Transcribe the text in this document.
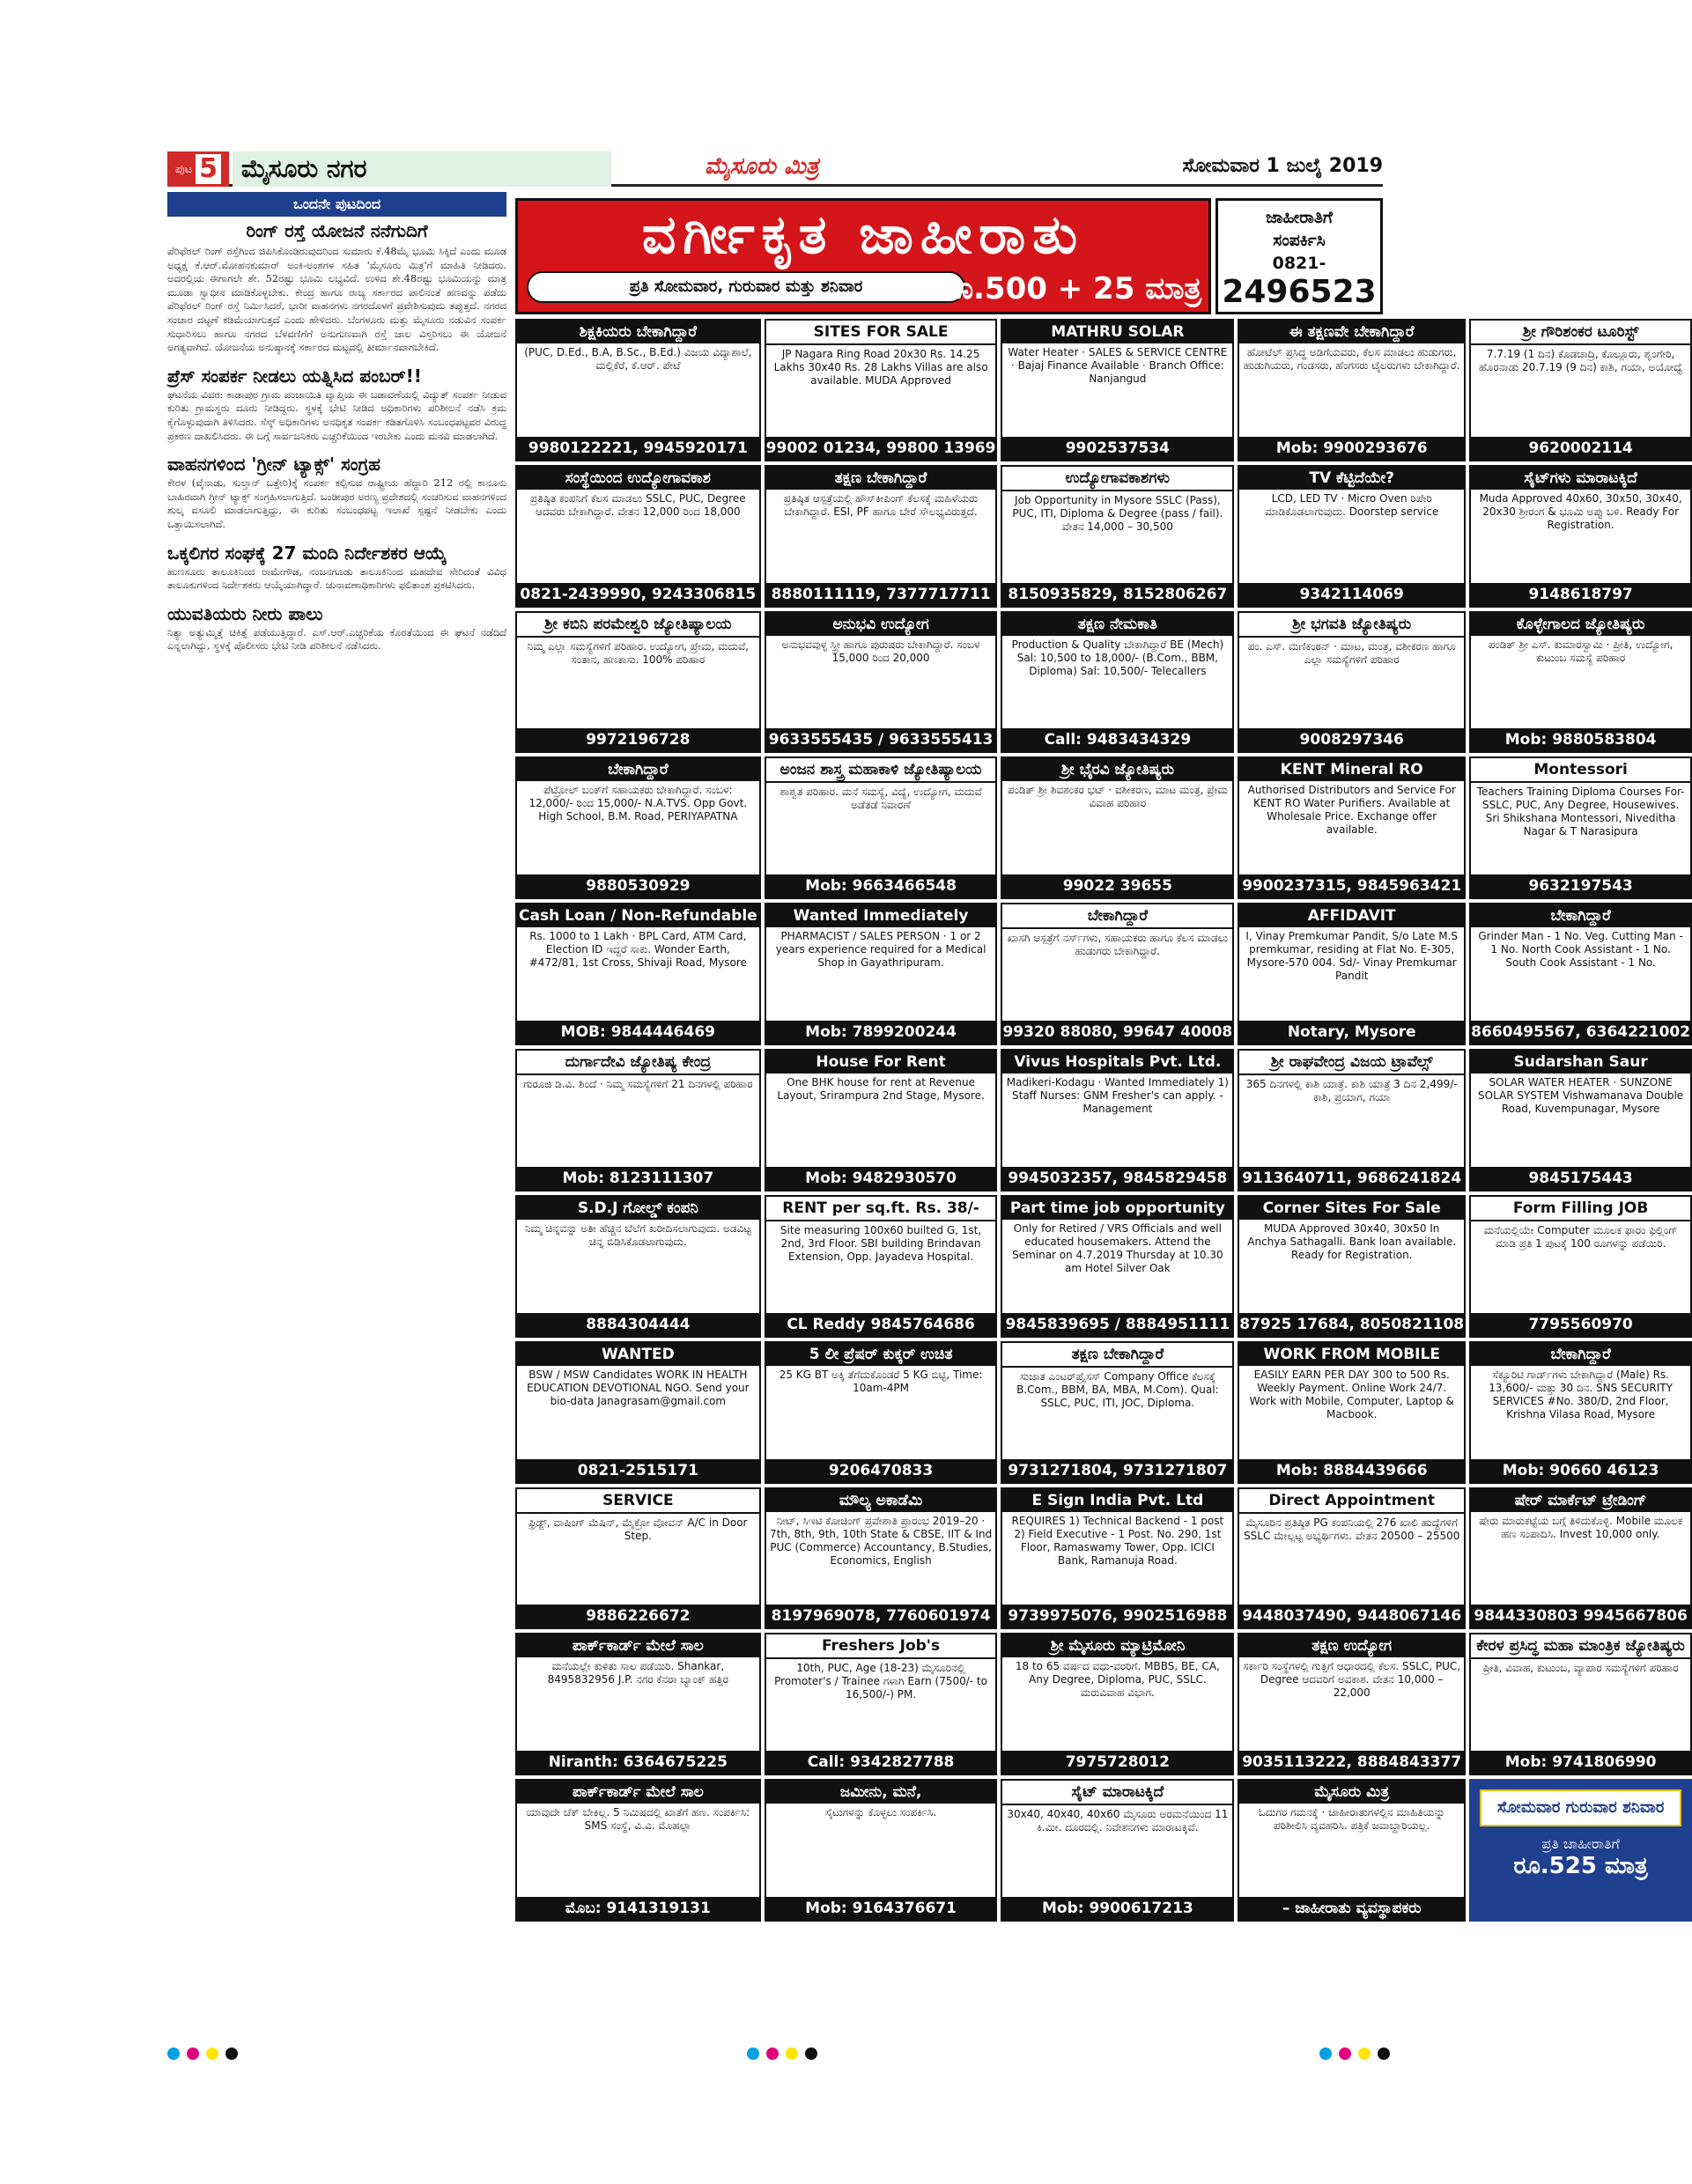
ಪುಟ 5 ಮೈಸೂರು ನಗರ	ಮೈಸೂರು ಮಿತ್ರ	ಸೋಮವಾರ 1 ಜುಲೈ 2019
ಒಂದನೇ ಪುಟದಿಂದ
ರಿಂಗ್ ರಸ್ತೆ ಯೋಜನೆ ನನೆಗುದಿಗೆ
ಪೆರಿಫೆರಲ್ ರಿಂಗ್ ರಸ್ತೆಗಿಂದ ಜಿಪಿಸಿಕೊಂಡಿರುವುದರಿಂದ ಸುಮಾರು ಕೆ.48ಮೈ ಭೂಮಿ ಸಿಕ್ಕಿದೆ ಎಂದು ಮೂಡ ಅಧ್ಯಕ್ಷ ಕೆ.ಆರ್.ಮೋಹನಕುಮಾರ್ ಅಂಕಿ-ಅಂಶಗಳ ಸಹಿತ 'ಮೈಸೂರು ಮಿತ್ರ'ಗೆ ಮಾಹಿತಿ ನೀಡಿದರು. ಅದರಲ್ಲಿಯ ಈಗಾಗಲೇ ಶೇ. 52ರಷ್ಟು ಭೂಮಿ ಲಭ್ಯವಿದೆ. ಉಳಿದ ಶೇ.48ರಷ್ಟು ಭೂಮಿಯನ್ನು ಮಾತ್ರ ಮೂಡಾ ಸ್ವಾಧೀನ ಮಾಡಿಕೊಳ್ಳಬೇಕು. ಕೇಂದ್ರ ಹಾಗೂ ರಾಜ್ಯ ಸರ್ಕಾರದ ಪಾಲಿನಂತೆ ಹಣವನ್ನು ಪಡೆದು ಪೆರಿಫೆರಲ್ ರಿಂಗ್ ರಸ್ತೆ ನಿರ್ಮಿಸಿದರೆ, ಭಾರೀ ವಾಹನಗಳು ನಗರದೊಳಗೆ ಪ್ರವೇಶಿಸುವುದು ತಪ್ಪುತ್ತದೆ. ನಗರದ ಸಂಚಾರ ದಟ್ಟಣೆ ಕಡಿಮೆಯಾಗುತ್ತದೆ ಎಂದು ಹೇಳಿದರು. ಬೆಂಗಳೂರು ಮತ್ತು ಮೈಸೂರು ನಡುವಿನ ಸಂಪರ್ಕ ಸುಧಾರಿಸಲು ಹಾಗೂ ನಗರದ ಬೆಳವಣಿಗೆಗೆ ಅನುಗುಣವಾಗಿ ರಸ್ತೆ ಜಾಲ ವಿಸ್ತರಿಸಲು ಈ ಯೋಜನೆ ಅಗತ್ಯವಾಗಿದೆ. ಯೋಜನೆಯ ಅನುಷ್ಠಾನಕ್ಕೆ ಸರ್ಕಾರದ ಮಟ್ಟದಲ್ಲಿ ತೀರ್ಮಾನವಾಗಬೇಕಿದೆ.
ಪ್ರೆಸ್ ಸಂಪರ್ಕ ನೀಡಲು ಯತ್ನಿಸಿದ ಪಂಬರ್!!
ಘಟನೆಯ ವಿವರ: ಕಾಡಾಪುರ ಗ್ರಾಮ ಪಂಚಾಯಿತಿ ವ್ಯಾಪ್ತಿಯ ಈ ಬಡಾವಣೆಯಲ್ಲಿ ವಿದ್ಯುತ್ ಸಂಪರ್ಕ ನೀಡುವ ಕುರಿತು ಗ್ರಾಮಸ್ಥರು ದೂರು ನೀಡಿದ್ದರು. ಸ್ಥಳಕ್ಕೆ ಭೇಟಿ ನೀಡಿದ ಅಧಿಕಾರಿಗಳು ಪರಿಶೀಲನೆ ನಡೆಸಿ ಕ್ರಮ ಕೈಗೊಳ್ಳುವುದಾಗಿ ತಿಳಿಸಿದರು. ಸೆಸ್ಕ್ ಅಧಿಕಾರಿಗಳು ಅನಧಿಕೃತ ಸಂಪರ್ಕ ಕಡಿತಗೊಳಿಸಿ ಸಂಬಂಧಪಟ್ಟವರ ವಿರುದ್ಧ ಪ್ರಕರಣ ದಾಖಲಿಸಿದರು. ಈ ಬಗ್ಗೆ ಸಾರ್ವಜನಿಕರು ಎಚ್ಚರಿಕೆಯಿಂದ ಇರಬೇಕು ಎಂದು ಮನವಿ ಮಾಡಲಾಗಿದೆ.
ವಾಹನಗಳಿಂದ 'ಗ್ರೀನ್ ಟ್ಯಾಕ್ಸ್' ಸಂಗ್ರಹ
ಕೇರಳ (ವೈನಾಡು, ಸುಲ್ತಾನ್ ಬತ್ತೇರಿ)ಕ್ಕೆ ಸಂಪರ್ಕ ಕಲ್ಪಿಸುವ ರಾಷ್ಟ್ರೀಯ ಹೆದ್ದಾರಿ 212 ರಲ್ಲಿ ಕಾನೂನು ಬಾಹಿರವಾಗಿ ಗ್ರೀನ್ ಟ್ಯಾಕ್ಸ್ ಸಂಗ್ರಹಿಸಲಾಗುತ್ತಿದೆ. ಬಂಡೀಪುರ ಅರಣ್ಯ ಪ್ರದೇಶದಲ್ಲಿ ಸಂಚರಿಸುವ ವಾಹನಗಳಿಂದ ಶುಲ್ಕ ವಸೂಲಿ ಮಾಡಲಾಗುತ್ತಿದ್ದು, ಈ ಕುರಿತು ಸಂಬಂಧಪಟ್ಟ ಇಲಾಖೆ ಸ್ಪಷ್ಟನೆ ನೀಡಬೇಕು ಎಂದು ಒತ್ತಾಯಿಸಲಾಗಿದೆ.
ಒಕ್ಕಲಿಗರ ಸಂಘಕ್ಕೆ 27 ಮಂದಿ ನಿರ್ದೇಶಕರ ಆಯ್ಕೆ
ಹುಣಸೂರು ತಾಲೂಕಿನಿಂದ ರಾಮೇಗೌಡ, ನಂಜನಗೂಡು ತಾಲೂಕಿನಿಂದ ಮಹದೇವ ಸೇರಿದಂತೆ ವಿವಿಧ ತಾಲೂಕುಗಳಿಂದ ನಿರ್ದೇಶಕರು ಆಯ್ಕೆಯಾಗಿದ್ದಾರೆ. ಚುನಾವಣಾಧಿಕಾರಿಗಳು ಫಲಿತಾಂಶ ಪ್ರಕಟಿಸಿದರು.
ಯುವತಿಯರು ನೀರು ಪಾಲು
ನಿತ್ಯಾ ಅತ್ಯುಮ್ಮಿತ್ತೆ ಚಿಕಿತ್ಸೆ ಪಡೆಯುತ್ತಿದ್ದಾರೆ. ಎಸ್.ಆರ್.ಎಚ್ಚರಿಕೆಯ ಕೊರತೆಯಿಂದ ಈ ಘಟನೆ ನಡೆದಿದೆ ಎನ್ನಲಾಗಿದ್ದು, ಸ್ಥಳಕ್ಕೆ ಪೊಲೀಸರು ಭೇಟಿ ನೀಡಿ ಪರಿಶೀಲನೆ ನಡೆಸಿದರು.
ವರ್ಗೀಕೃತ ಜಾಹೀರಾತು
ಪ್ರತಿ ಸೋಮವಾರ, ಗುರುವಾರ ಮತ್ತು ಶನಿವಾರ	ರೂ.500 + 25 ಮಾತ್ರ
ಜಾಹೀರಾತಿಗೆ
ಸಂಪರ್ಕಿಸಿ
0821-
2496523
ಶಿಕ್ಷಕಿಯರು ಬೇಕಾಗಿದ್ದಾರೆ
(PUC, D.Ed., B.A, B.Sc., B.Ed.) ವಿಜಯ ವಿದ್ಯಾಶಾಲೆ, ಮಲ್ಲಿಕೆರೆ, ಕೆ.ಆರ್. ಪೇಟೆ
9980122221, 9945920171
SITES FOR SALE
JP Nagara Ring Road 20x30 Rs. 14.25 Lakhs 30x40 Rs. 28 Lakhs Villas are also available. MUDA Approved
99002 01234, 99800 13969
MATHRU SOLAR
Water Heater · SALES & SERVICE CENTRE · Bajaj Finance Available · Branch Office: Nanjangud
9902537534
ಈ ತಕ್ಷಣವೇ ಬೇಕಾಗಿದ್ದಾರೆ
ಹೋಟೆಲ್ ಪ್ರಸಿದ್ಧ ಅಡಿಗೆಯವರು, ಕೆಲಸ ಮಾಡಲು ಹುಡುಗರು, ಹುಡುಗಿಯರು, ಗಂಡಸರು, ಹೆಂಗಸರು ಟೈಲರುಗಳು ಬೇಕಾಗಿದ್ದಾರೆ.
Mob: 9900293676
ಶ್ರೀ ಗೌರಿಶಂಕರ ಟೂರಿಸ್ಟ್
7.7.19 (1 ದಿನ) ಕೊಡಚಾದ್ರಿ, ಕೊಲ್ಲೂರು, ಶೃಂಗೇರಿ, ಹೊರನಾಡು 20.7.19 (9 ದಿನ) ಕಾಶಿ, ಗಯಾ, ಅಯೋಧ್ಯೆ
9620002114
ಸಂಸ್ಥೆಯಿಂದ ಉದ್ಯೋಗಾವಕಾಶ
ಪ್ರತಿಷ್ಠಿತ ಕಂಪನಿಗೆ ಕೆಲಸ ಮಾಡಲು SSLC, PUC, Degree ಆದವರು ಬೇಕಾಗಿದ್ದಾರೆ. ವೇತನ 12,000 ರಿಂದ 18,000
0821-2439990, 9243306815
ತಕ್ಷಣ ಬೇಕಾಗಿದ್ದಾರೆ
ಪ್ರತಿಷ್ಠಿತ ಆಸ್ಪತ್ರೆಯಲ್ಲಿ ಹೌಸ್‌ಕೀಪಿಂಗ್ ಕೆಲಸಕ್ಕೆ ಮಹಿಳೆಯರು ಬೇಕಾಗಿದ್ದಾರೆ. ESI, PF ಹಾಗೂ ಬೇರೆ ಸೌಲಭ್ಯವಿರುತ್ತದೆ.
8880111119, 7377717711
ಉದ್ಯೋಗಾವಕಾಶಗಳು
Job Opportunity in Mysore SSLC (Pass), PUC, ITI, Diploma & Degree (pass / fail). ವೇತನ 14,000 – 30,500
8150935829, 8152806267
TV ಕೆಟ್ಟಿದೆಯೇ?
LCD, LED TV · Micro Oven ರಿಪೇರಿ ಮಾಡಿಕೊಡಲಾಗುವುದು. Doorstep service
9342114069
ಸೈಟ್‌ಗಳು ಮಾರಾಟಕ್ಕಿದೆ
Muda Approved 40x60, 30x50, 30x40, 20x30 ಶ್ರೀರಂಗ & ಭೂಮಿ ಅಪ್ಪು ಬಳಿ. Ready For Registration.
9148618797
ಶ್ರೀ ಕಬಿನಿ ಪರಮೇಶ್ವರಿ ಜ್ಯೋತಿಷ್ಯಾಲಯ
ನಿಮ್ಮ ಎಲ್ಲಾ ಸಮಸ್ಯೆಗಳಿಗೆ ಪರಿಹಾರ. ಉದ್ಯೋಗ, ಪ್ರೇಮ, ಮದುವೆ, ಸಂತಾನ, ಹಣಕಾಸು. 100% ಪರಿಹಾರ
9972196728
ಅನುಭವಿ ಉದ್ಯೋಗ
ಅನುಭವವುಳ್ಳ ಸ್ತ್ರೀ ಹಾಗೂ ಪುರುಷರು ಬೇಕಾಗಿದ್ದಾರೆ. ಸಂಬಳ 15,000 ರಿಂದ 20,000
9633555435 / 9633555413
ತಕ್ಷಣ ನೇಮಕಾತಿ
Production & Quality ಬೇಕಾಗಿದ್ದಾರೆ BE (Mech) Sal: 10,500 to 18,000/- (B.Com., BBM, Diploma) Sal: 10,500/- Telecallers
Call: 9483434329
ಶ್ರೀ ಭಗವತಿ ಜ್ಯೋತಿಷ್ಯರು
ಪಂ. ಎಸ್. ಮಣಿಕಂಠನ್ · ಮಾಟ, ಮಂತ್ರ, ವಶೀಕರಣ ಹಾಗೂ ಎಲ್ಲಾ ಸಮಸ್ಯೆಗಳಿಗೆ ಪರಿಹಾರ
9008297346
ಕೊಳ್ಳೇಗಾಲದ ಜ್ಯೋತಿಷ್ಯರು
ಪಂಡಿತ್ ಶ್ರೀ ಎಸ್. ಕುಮಾರಸ್ವಾಮಿ · ಪ್ರೀತಿ, ಉದ್ಯೋಗ, ಕುಟುಂಬ ಸಮಸ್ಯೆ ಪರಿಹಾರ
Mob: 9880583804
ಬೇಕಾಗಿದ್ದಾರೆ
ಪೆಟ್ರೋಲ್ ಬಂಕ್‌ಗೆ ಸಹಾಯಕರು ಬೇಕಾಗಿದ್ದಾರೆ. ಸಂಬಳ: 12,000/- ರಿಂದ 15,000/- N.A.TVS. Opp Govt. High School, B.M. Road, PERIYAPATNA
9880530929
ಅಂಜನ ಶಾಸ್ತ್ರ ಮಹಾಕಾಳಿ ಜ್ಯೋತಿಷ್ಯಾಲಯ
ಶಾಶ್ವತ ಪರಿಹಾರ. ಮನೆ ಸಮಸ್ಯೆ, ವಿದ್ಯೆ, ಉದ್ಯೋಗ, ಮದುವೆ ಅಡೆತಡೆ ನಿವಾರಣೆ
Mob: 9663466548
ಶ್ರೀ ಭೈರವಿ ಜ್ಯೋತಿಷ್ಯರು
ಪಂಡಿತ್ ಶ್ರೀ ಶಿವಶಂಕರ ಭಟ್ · ವಶೀಕರಣ, ಮಾಟ ಮಂತ್ರ, ಪ್ರೇಮ ವಿವಾಹ ಪರಿಹಾರ
99022 39655
KENT Mineral RO
Authorised Distributors and Service For KENT RO Water Purifiers. Available at Wholesale Price. Exchange offer available.
9900237315, 9845963421
Montessori
Teachers Training Diploma Courses For-SSLC, PUC, Any Degree, Housewives. Sri Shikshana Montessori, Niveditha Nagar & T Narasipura
9632197543
Cash Loan / Non-Refundable
Rs. 1000 to 1 Lakh · BPL Card, ATM Card, Election ID ಇದ್ದರೆ ಸಾಕು. Wonder Earth, #472/81, 1st Cross, Shivaji Road, Mysore
MOB: 9844446469
Wanted Immediately
PHARMACIST / SALES PERSON · 1 or 2 years experience required for a Medical Shop in Gayathripuram.
Mob: 7899200244
ಬೇಕಾಗಿದ್ದಾರೆ
ಖಾಸಗಿ ಆಸ್ಪತ್ರೆಗೆ ನರ್ಸ್‌ಗಳು, ಸಹಾಯಕರು ಹಾಗೂ ಕೆಲಸ ಮಾಡಲು ಹುಡುಗರು ಬೇಕಾಗಿದ್ದಾರೆ.
99320 88080, 99647 40008
AFFIDAVIT
I, Vinay Premkumar Pandit, S/o Late M.S premkumar, residing at Flat No. E-305, Mysore-570 004. Sd/- Vinay Premkumar Pandit
Notary, Mysore
ಬೇಕಾಗಿದ್ದಾರೆ
Grinder Man - 1 No. Veg. Cutting Man - 1 No. North Cook Assistant - 1 No. South Cook Assistant - 1 No.
8660495567, 6364221002
ದುರ್ಗಾದೇವಿ ಜ್ಯೋತಿಷ್ಯ ಕೇಂದ್ರ
ಗುರೂಜಿ ಡಿ.ವಿ. ಶಿಂದೆ · ನಿಮ್ಮ ಸಮಸ್ಯೆಗಳಿಗೆ 21 ದಿನಗಳಲ್ಲಿ ಪರಿಹಾರ
Mob: 8123111307
House For Rent
One BHK house for rent at Revenue Layout, Srirampura 2nd Stage, Mysore.
Mob: 9482930570
Vivus Hospitals Pvt. Ltd.
Madikeri-Kodagu · Wanted Immediately 1) Staff Nurses: GNM Fresher's can apply. -Management
9945032357, 9845829458
ಶ್ರೀ ರಾಘವೇಂದ್ರ ವಿಜಯ ಟ್ರಾವೆಲ್ಸ್
365 ದಿನಗಳಲ್ಲಿ ಕಾಶಿ ಯಾತ್ರೆ. ಕಾಶಿ ಯಾತ್ರೆ 3 ದಿನ 2,499/- ಕಾಶಿ, ಪ್ರಯಾಗ, ಗಯಾ
9113640711, 9686241824
Sudarshan Saur
SOLAR WATER HEATER · SUNZONE SOLAR SYSTEM Vishwamanava Double Road, Kuvempunagar, Mysore
9845175443
S.D.J ಗೋಲ್ಡ್ ಕಂಪನಿ
ನಿಮ್ಮ ಚಿನ್ನವನ್ನು ಅತೀ ಹೆಚ್ಚಿನ ಬೆಲೆಗೆ ಖರೀದಿಸಲಾಗುವುದು. ಅಡವಿಟ್ಟ ಚಿನ್ನ ಬಿಡಿಸಿಕೊಡಲಾಗುವುದು.
8884304444
RENT per sq.ft. Rs. 38/-
Site measuring 100x60 builted G, 1st, 2nd, 3rd Floor. SBI building Brindavan Extension, Opp. Jayadeva Hospital.
CL Reddy 9845764686
Part time job opportunity
Only for Retired / VRS Officials and well educated housemakers. Attend the Seminar on 4.7.2019 Thursday at 10.30 am Hotel Silver Oak
9845839695 / 8884951111
Corner Sites For Sale
MUDA Approved 30x40, 30x50 In Anchya Sathagalli. Bank loan available. Ready for Registration.
87925 17684, 8050821108
Form Filling JOB
ಮನೆಯಲ್ಲಿಯೇ Computer ಮೂಲಕ ಫಾರಂ ಫಿಲ್ಲಿಂಗ್ ಮಾಡಿ ಪ್ರತಿ 1 ಪುಟಕ್ಕೆ 100 ರೂಗಳನ್ನು ಪಡೆಯಿರಿ.
7795560970
WANTED
BSW / MSW Candidates WORK IN HEALTH EDUCATION DEVOTIONAL NGO. Send your bio-data Janagrasam@gmail.com
0821-2515171
5 ಲೀ ಪ್ರೆಷರ್ ಕುಕ್ಕರ್ ಉಚಿತ
25 KG BT ಅಕ್ಕಿ ತೆಗೆದುಕೊಂಡರೆ 5 KG ಬಿಟ್ಟಿ, Time: 10am-4PM
9206470833
ತಕ್ಷಣ ಬೇಕಾಗಿದ್ದಾರೆ
ಸುಜಾತ ಎಂಟರ್‌ಪ್ರೈಸಸ್ Company Office ಕೆಲಸಕ್ಕೆ B.Com., BBM, BA, MBA, M.Com). Qual: SSLC, PUC, ITI, JOC, Diploma.
9731271804, 9731271807
WORK FROM MOBILE
EASILY EARN PER DAY 300 to 500 Rs. Weekly Payment. Online Work 24/7. Work with Mobile, Computer, Laptop & Macbook.
Mob: 8884439666
ಬೇಕಾಗಿದ್ದಾರೆ
ಸೆಕ್ಯೂರಿಟಿ ಗಾರ್ಡ್‌ಗಳು ಬೇಕಾಗಿದ್ದಾರೆ (Male) Rs. 13,600/- ಮತ್ತು 30 ದಿನ. SNS SECURITY SERVICES #No. 380/D, 2nd Floor, Krishna Vilasa Road, Mysore
Mob: 90660 46123
SERVICE
ಫ್ರಿಡ್ಜ್, ವಾಷಿಂಗ್ ಮೆಷಿನ್, ಮೈಕ್ರೋ ವೋವನ್ A/C in Door Step.
9886226672
ಮೌಲ್ಯ ಅಕಾಡೆಮಿ
ನೀಟ್, ಸಿಇಟಿ ಕೋಚಿಂಗ್ ಪ್ರವೇಶಾತಿ ಪ್ರಾರಂಭ 2019–20 · 7th, 8th, 9th, 10th State & CBSE, IIT & Ind PUC (Commerce) Accountancy, B.Studies, Economics, English
8197969078, 7760601974
E Sign India Pvt. Ltd
REQUIRES 1) Technical Backend - 1 post 2) Field Executive - 1 Post. No. 290, 1st Floor, Ramaswamy Tower, Opp. ICICI Bank, Ramanuja Road.
9739975076, 9902516988
Direct Appointment
ಮೈಸೂರಿನ ಪ್ರತಿಷ್ಠಿತ PG ಕಂಪನಿಯಲ್ಲಿ 276 ಖಾಲಿ ಹುದ್ದೆಗಳಿಗೆ SSLC ಮೇಲ್ಪಟ್ಟ ಅಭ್ಯರ್ಥಿಗಳು. ವೇತನ 20500 – 25500
9448037490, 9448067146
ಷೇರ್ ಮಾರ್ಕೆಟ್ ಟ್ರೇಡಿಂಗ್
ಷೇರು ಮಾರುಕಟ್ಟೆಯ ಬಗ್ಗೆ ತಿಳಿದುಕೊಳ್ಳಿ. Mobile ಮೂಲಕ ಹಣ ಸಂಪಾದಿಸಿ. Invest 10,000 only.
9844330803 9945667806
ಪಾರ್ಕ್‌ಕಾರ್ಡ್ ಮೇಲೆ ಸಾಲ
ಮನೆಯಲ್ಲೇ ಕುಳಿತು ಸಾಲ ಪಡೆಯಿರಿ. Shankar, 8495832956 J.P. ನಗರ ಕೆನರಾ ಬ್ಯಾಂಕ್ ಹತ್ತಿರ
Niranth: 6364675225
Freshers Job's
10th, PUC, Age (18-23) ಮೈಸೂರಿನಲ್ಲಿ Promoter's / Trainee ಗಳಾಗಿ Earn (7500/- to 16,500/-) PM.
Call: 9342827788
ಶ್ರೀ ಮೈಸೂರು ಮ್ಯಾಟ್ರಿಮೋನಿ
18 to 65 ವರ್ಷದ ವಧು-ವರರಿಗೆ. MBBS, BE, CA, Any Degree, Diploma, PUC, SSLC. ಮರುವಿವಾಹ ವಿಭಾಗ.
7975728012
ತಕ್ಷಣ ಉದ್ಯೋಗ
ಸರ್ಕಾರಿ ಸಂಸ್ಥೆಗಳಲ್ಲಿ ಗುತ್ತಿಗೆ ಆಧಾರದಲ್ಲಿ ಕೆಲಸ. SSLC, PUC, Degree ಆದವರಿಗೆ ಅವಕಾಶ. ವೇತನ 10,000 – 22,000
9035113222, 8884843377
ಕೇರಳ ಪ್ರಸಿದ್ಧ ಮಹಾ ಮಾಂತ್ರಿಕ ಜ್ಯೋತಿಷ್ಯರು
ಪ್ರೀತಿ, ವಿವಾಹ, ಕುಟುಂಬ, ವ್ಯಾಪಾರ ಸಮಸ್ಯೆಗಳಿಗೆ ಪರಿಹಾರ
Mob: 9741806990
ಪಾರ್ಕ್‌ಕಾರ್ಡ್ ಮೇಲೆ ಸಾಲ
ಯಾವುದೇ ಚೆಕ್ ಬೇಕಿಲ್ಲ. 5 ನಿಮಿಷದಲ್ಲಿ ಖಾತೆಗೆ ಹಣ. ಸಂಪರ್ಕಿಸಿ: SMS ಸಂಸ್ಥೆ, ವಿ.ವಿ. ಮೊಹಲ್ಲಾ
ಮೊಬ: 9141319131
ಜಮೀನು, ಮನೆ,
ಸೈಟುಗಳನ್ನು ಕೊಳ್ಳಲು ಸಂಪರ್ಕಿಸಿ.
Mob: 9164376671
ಸೈಟ್ ಮಾರಾಟಕ್ಕಿದೆ
30x40, 40x40, 40x60 ಮೈಸೂರು ಅರಮನೆಯಿಂದ 11 ಕಿ.ಮೀ. ದೂರದಲ್ಲಿ. ನಿವೇಶನಗಳು ಮಾರಾಟಕ್ಕಿವೆ.
Mob: 9900617213
ಮೈಸೂರು ಮಿತ್ರ
ಓದುಗರ ಗಮನಕ್ಕೆ · ಜಾಹೀರಾತುಗಳಲ್ಲಿನ ಮಾಹಿತಿಯನ್ನು ಪರಿಶೀಲಿಸಿ ವ್ಯವಹರಿಸಿ. ಪತ್ರಿಕೆ ಜವಾಬ್ದಾರಿಯಲ್ಲ.
– ಜಾಹೀರಾತು ವ್ಯವಸ್ಥಾಪಕರು
ಸೋಮವಾರ ಗುರುವಾರ ಶನಿವಾರ
ಪ್ರತಿ ಜಾಹೀರಾತಿಗೆ
ರೂ.525 ಮಾತ್ರ
